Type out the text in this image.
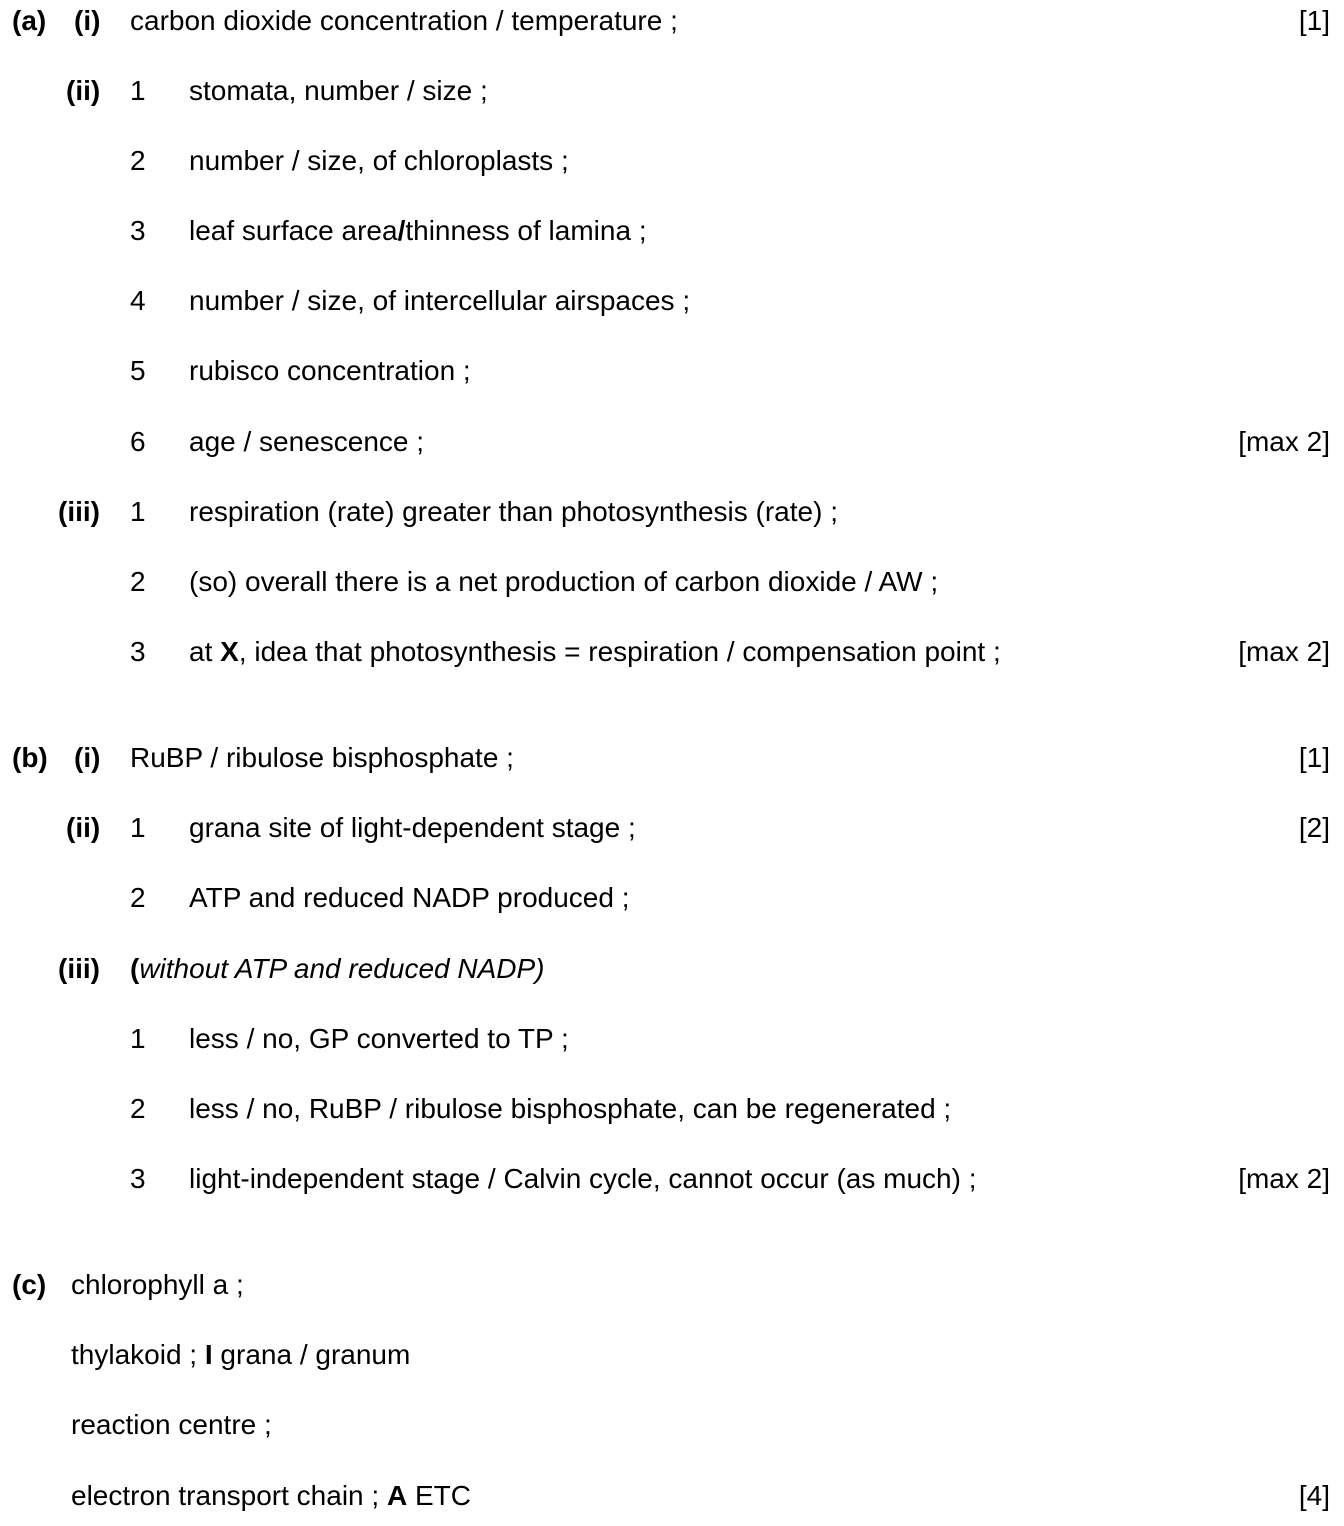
(a) (i) carbon dioxide concentration / temperature ;	[1]
(ii) 1 stomata, number / size ;
2 number / size, of chloroplasts ;
3 leaf surface area/thinness of lamina ;
4 number / size, of intercellular airspaces ;
5 rubisco concentration ;
6 age / senescence ;	[max 2]
(iii) 1 respiration (rate) greater than photosynthesis (rate) ;
2 (so) overall there is a net production of carbon dioxide / AW ;
3 at X, idea that photosynthesis = respiration / compensation point ;	[max 2]
(b) (i) RuBP / ribulose bisphosphate ;	[1]
(ii) 1 grana site of light-dependent stage ;	[2]
2 ATP and reduced NADP produced ;
(iii) (without ATP and reduced NADP)
1 less / no, GP converted to TP ;
2 less / no, RuBP / ribulose bisphosphate, can be regenerated ;
3 light-independent stage / Calvin cycle, cannot occur (as much) ;	[max 2]
(c) chlorophyll a ;
thylakoid ; I grana / granum
reaction centre ;
electron transport chain ; A ETC	[4]
